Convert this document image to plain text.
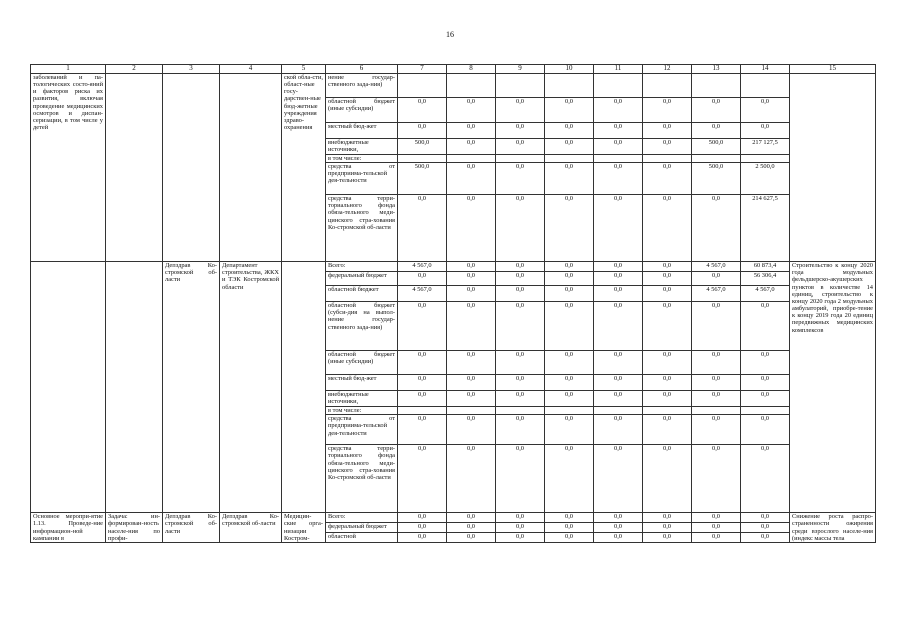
16
1	2	3	4	5	6	7	8	9	10	11	12	13	14	15
заболеваний и па-тологических состо-яний и факторов риска их развития, включая проведение медицинских осмотров и диспан-серизации, в том числе у детей				ской обла-сти, област-ные госу-дарствен-ные бюд-жетные учреждения здраво-охранения	нение государ-ственного зада-ния)									
					областной бюджет (иные субсидии)	0,0	0,0	0,0	0,0	0,0	0,0	0,0	0,0	
					местный бюд-жет	0,0	0,0	0,0	0,0	0,0	0,0	0,0	0,0	
					внебюджетные источники,	500,0	0,0	0,0	0,0	0,0	0,0	500,0	217 127,5	
					в том числе:									
					средства от предприима-тельской дея-тельности	500,0	0,0	0,0	0,0	0,0	0,0	500,0	2 500,0	
					средства терри-ториального фонда обяза-тельного меди-цинского стра-хования Ко-стромской об-ласти	0,0	0,0	0,0	0,0	0,0	0,0	0,0	214 627,5	
		Депздрав Ко-стромской об-ласти	Департамент строительства, ЖКХ и ТЭК Костромской области		Всего:	4 567,0	0,0	0,0	0,0	0,0	0,0	4 567,0	60 873,4	Строительство к концу 2020 года модульных фельдшерско-акушерских пунктов в количестве 14 единиц, строительство к концу 2020 года 2 модульных амбулаторий, приобре-тение к концу 2019 года 20 единиц передвижных медицинских комплексов
					федеральный бюджет	0,0	0,0	0,0	0,0	0,0	0,0	0,0	56 306,4	
					областной бюджет	4 567,0	0,0	0,0	0,0	0,0	0,0	4 567,0	4 567,0	
					областной бюджет (субси-дия на выпол-нение государ-ственного зада-ния)	0,0	0,0	0,0	0,0	0,0	0,0	0,0	0,0	
					областной бюджет (иные субсидии)	0,0	0,0	0,0	0,0	0,0	0,0	0,0	0,0	
					местный бюд-жет	0,0	0,0	0,0	0,0	0,0	0,0	0,0	0,0	
					внебюджетные источники,	0,0	0,0	0,0	0,0	0,0	0,0	0,0	0,0	
					в том числе:									
					средства от предприима-тельской дея-тельности	0,0	0,0	0,0	0,0	0,0	0,0	0,0	0,0	
					средства терри-ториального фонда обяза-тельного меди-цинского стра-хования Ко-стромской об-ласти	0,0	0,0	0,0	0,0	0,0	0,0	0,0	0,0	
Основное меропри-ятие 1.13. Проведе-ние информацион-ной кампании в	Задача: ин-формирован-ность населе-ния по профи-	Депздрав Ко-стромской об-ласти	Депздрав Ко-стромской об-ласти	Медицин-ские орга-низации Костром-	Всего:	0,0	0,0	0,0	0,0	0,0	0,0	0,0	0,0	Снижение роста распро-страненности ожирения среди взрослого населе-ния (индекс массы тела
					федеральный бюджет	0,0	0,0	0,0	0,0	0,0	0,0	0,0	0,0	
					областной	0,0	0,0	0,0	0,0	0,0	0,0	0,0	0,0	
